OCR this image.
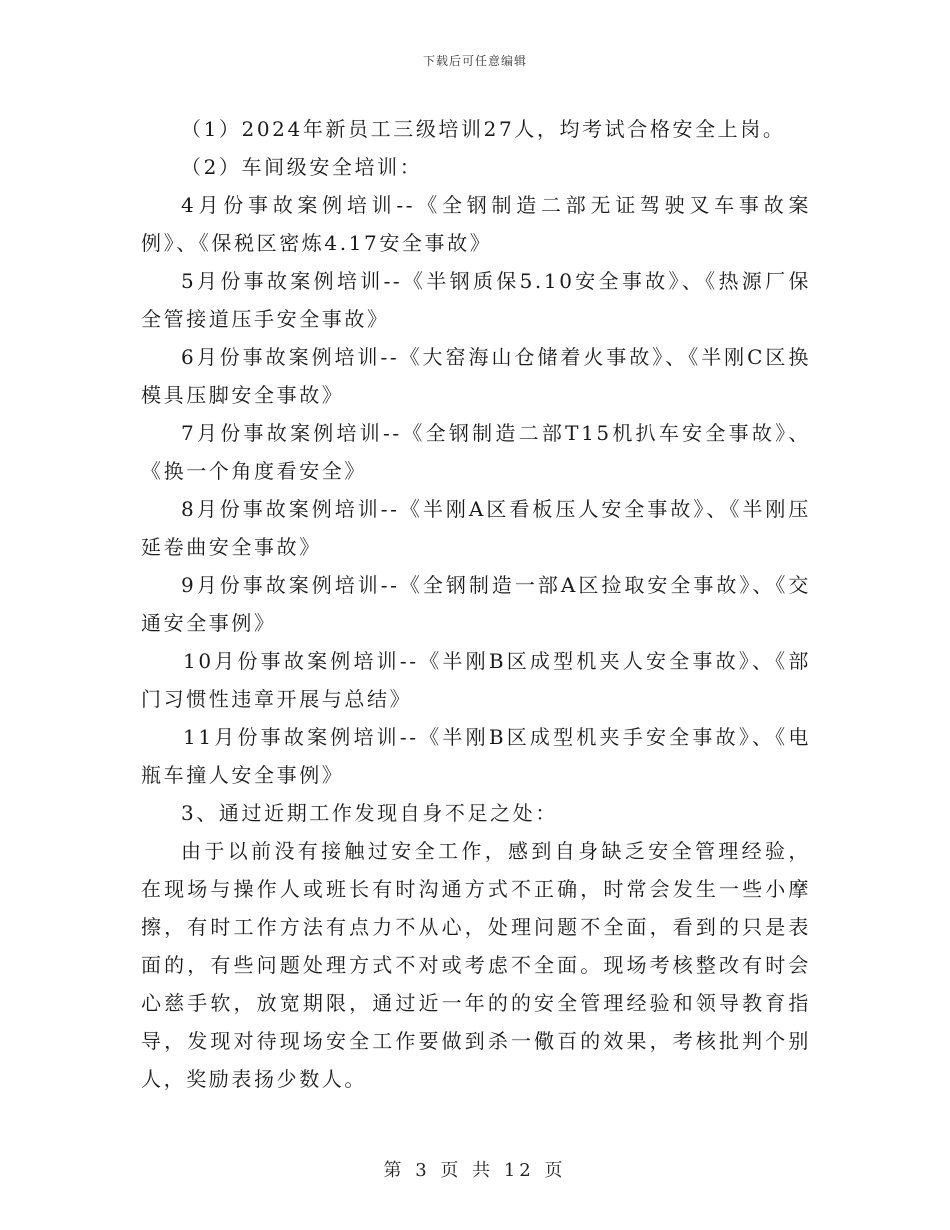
下载后可任意编辑

（1）2024年新员工三级培训27人，均考试合格安全上岗。

（2）车间级安全培训：

4月份事故案例培训--《全钢制造二部无证驾驶叉车事故案例》、《保税区密炼4.17安全事故》

5月份事故案例培训--《半钢质保5.10安全事故》、《热源厂保全管接道压手安全事故》

6月份事故案例培训--《大窑海山仓储着火事故》、《半刚C区换模具压脚安全事故》

7月份事故案例培训--《全钢制造二部T15机扒车安全事故》、《换一个角度看安全》

8月份事故案例培训--《半刚A区看板压人安全事故》、《半刚压延卷曲安全事故》

9月份事故案例培训--《全钢制造一部A区捡取安全事故》、《交通安全事例》

10月份事故案例培训--《半刚B区成型机夹人安全事故》、《部门习惯性违章开展与总结》

11月份事故案例培训--《半刚B区成型机夹手安全事故》、《电瓶车撞人安全事例》

3、通过近期工作发现自身不足之处：

由于以前没有接触过安全工作，感到自身缺乏安全管理经验，在现场与操作人或班长有时沟通方式不正确，时常会发生一些小摩擦，有时工作方法有点力不从心，处理问题不全面，看到的只是表面的，有些问题处理方式不对或考虑不全面。现场考核整改有时会心慈手软，放宽期限，通过近一年的的安全管理经验和领导教育指导，发现对待现场安全工作要做到杀一儆百的效果，考核批判个别人，奖励表扬少数人。

第 3 页 共 12 页
